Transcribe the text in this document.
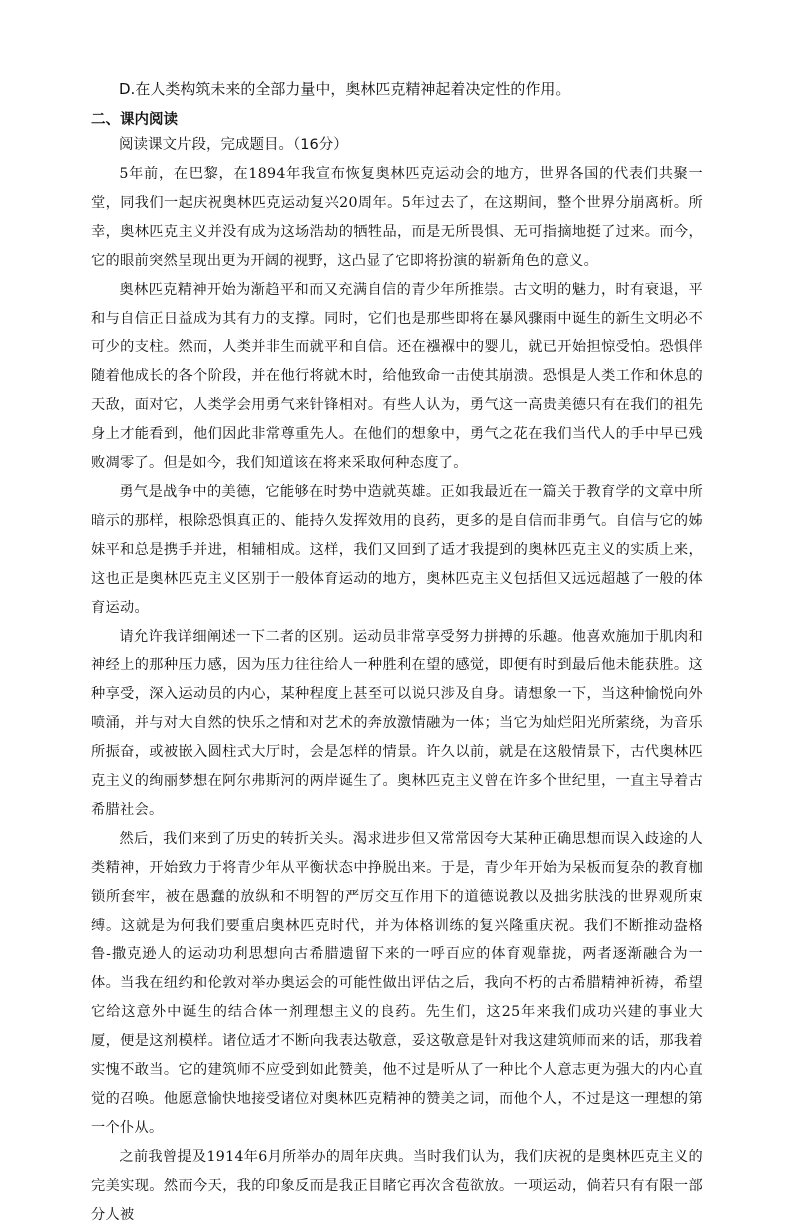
D.在人类构筑未来的全部力量中，奥林匹克精神起着决定性的作用。

二、课内阅读

阅读课文片段，完成题目。（16分）

5年前，在巴黎，在1894年我宣布恢复奥林匹克运动会的地方，世界各国的代表们共聚一堂，同我们一起庆祝奥林匹克运动复兴20周年。5年过去了，在这期间，整个世界分崩离析。所幸，奥林匹克主义并没有成为这场浩劫的牺牲品，而是无所畏惧、无可指摘地挺了过来。而今，它的眼前突然呈现出更为开阔的视野，这凸显了它即将扮演的崭新角色的意义。

奥林匹克精神开始为渐趋平和而又充满自信的青少年所推崇。古文明的魅力，时有衰退，平和与自信正日益成为其有力的支撑。同时，它们也是那些即将在暴风骤雨中诞生的新生文明必不可少的支柱。然而，人类并非生而就平和自信。还在襁褓中的婴儿，就已开始担惊受怕。恐惧伴随着他成长的各个阶段，并在他行将就木时，给他致命一击使其崩溃。恐惧是人类工作和休息的天敌，面对它，人类学会用勇气来针锋相对。有些人认为，勇气这一高贵美德只有在我们的祖先身上才能看到，他们因此非常尊重先人。在他们的想象中，勇气之花在我们当代人的手中早已残败凋零了。但是如今，我们知道该在将来采取何种态度了。

勇气是战争中的美德，它能够在时势中造就英雄。正如我最近在一篇关于教育学的文章中所暗示的那样，根除恐惧真正的、能持久发挥效用的良药，更多的是自信而非勇气。自信与它的姊妹平和总是携手并进，相辅相成。这样，我们又回到了适才我提到的奥林匹克主义的实质上来，这也正是奥林匹克主义区别于一般体育运动的地方，奥林匹克主义包括但又远远超越了一般的体育运动。

请允许我详细阐述一下二者的区别。运动员非常享受努力拼搏的乐趣。他喜欢施加于肌肉和神经上的那种压力感，因为压力往往给人一种胜利在望的感觉，即便有时到最后他未能获胜。这种享受，深入运动员的内心，某种程度上甚至可以说只涉及自身。请想象一下，当这种愉悦向外喷涌，并与对大自然的快乐之情和对艺术的奔放激情融为一体；当它为灿烂阳光所萦绕，为音乐所振奋，或被嵌入圆柱式大厅时，会是怎样的情景。许久以前，就是在这般情景下，古代奥林匹克主义的绚丽梦想在阿尔弗斯河的两岸诞生了。奥林匹克主义曾在许多个世纪里，一直主导着古希腊社会。

然后，我们来到了历史的转折关头。渴求进步但又常常因夸大某种正确思想而误入歧途的人类精神，开始致力于将青少年从平衡状态中挣脱出来。于是，青少年开始为呆板而复杂的教育枷锁所套牢，被在愚蠢的放纵和不明智的严厉交互作用下的道德说教以及拙劣肤浅的世界观所束缚。这就是为何我们要重启奥林匹克时代，并为体格训练的复兴隆重庆祝。我们不断推动盎格鲁-撒克逊人的运动功利思想向古希腊遗留下来的一呼百应的体育观靠拢，两者逐渐融合为一体。当我在纽约和伦敦对举办奥运会的可能性做出评估之后，我向不朽的古希腊精神祈祷，希望它给这意外中诞生的结合体一剂理想主义的良药。先生们，这25年来我们成功兴建的事业大厦，便是这剂模样。诸位适才不断向我表达敬意，妥这敬意是针对我这建筑师而来的话，那我着实愧不敢当。它的建筑师不应受到如此赞美，他不过是听从了一种比个人意志更为强大的内心直觉的召唤。他愿意愉快地接受诸位对奥林匹克精神的赞美之词，而他个人，不过是这一理想的第一个仆从。

之前我曾提及1914年6月所举办的周年庆典。当时我们认为，我们庆祝的是奥林匹克主义的完美实现。然而今天，我的印象反而是我正目睹它再次含苞欲放。一项运动，倘若只有有限一部分人被
